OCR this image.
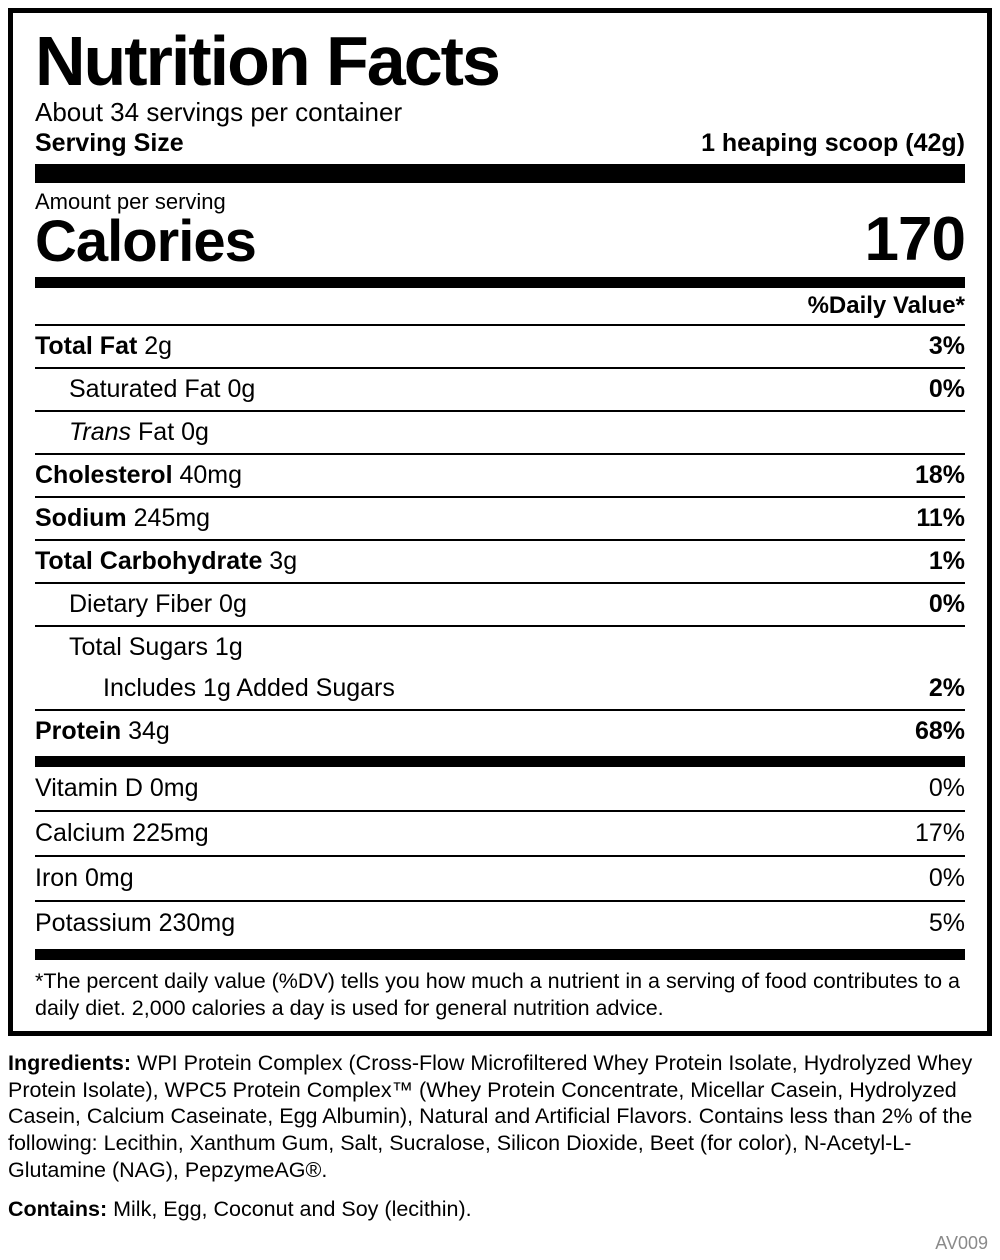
Nutrition Facts
About 34 servings per container
Serving Size	1 heaping scoop (42g)
Amount per serving
Calories	170
%Daily Value*
Total Fat 2g	3%
Saturated Fat 0g	0%
Trans Fat 0g
Cholesterol 40mg	18%
Sodium 245mg	11%
Total Carbohydrate 3g	1%
Dietary Fiber 0g	0%
Total Sugars 1g
Includes 1g Added Sugars	2%
Protein 34g	68%
Vitamin D 0mg	0%
Calcium 225mg	17%
Iron 0mg	0%
Potassium 230mg	5%
*The percent daily value (%DV) tells you how much a nutrient in a serving of food contributes to a daily diet. 2,000 calories a day is used for general nutrition advice.

Ingredients: WPI Protein Complex (Cross-Flow Microfiltered Whey Protein Isolate, Hydrolyzed Whey Protein Isolate), WPC5 Protein Complex™ (Whey Protein Concentrate, Micellar Casein, Hydrolyzed Casein, Calcium Caseinate, Egg Albumin), Natural and Artificial Flavors. Contains less than 2% of the following: Lecithin, Xanthum Gum, Salt, Sucralose, Silicon Dioxide, Beet (for color), N-Acetyl-L-Glutamine (NAG), PepzymeAG®.

Contains: Milk, Egg, Coconut and Soy (lecithin).
AV009
